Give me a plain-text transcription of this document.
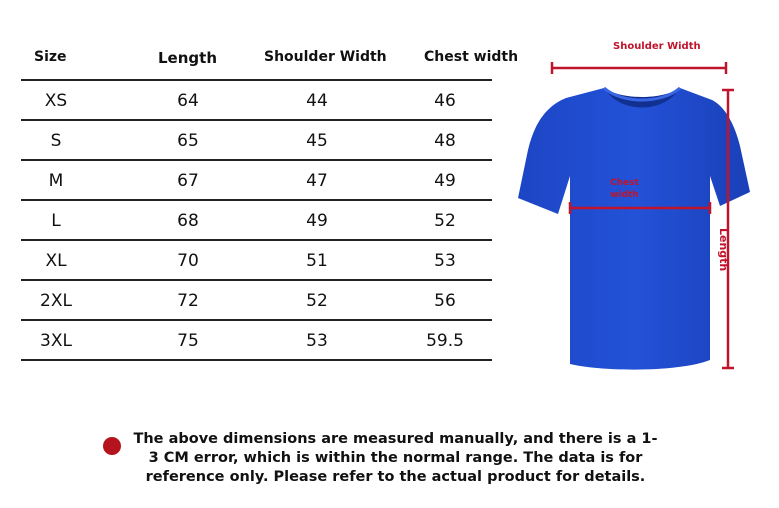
Size	Length	Shoulder Width	Chest width
XS	64	44	46
S	65	45	48
M	67	47	49
L	68	49	52
XL	70	51	53
2XL	72	52	56
3XL	75	53	59.5
Shoulder Width
Chest
width
Length
The above dimensions are measured manually, and there is a 1-3 CM error, which is within the normal range. The data is for reference only. Please refer to the actual product for details.
